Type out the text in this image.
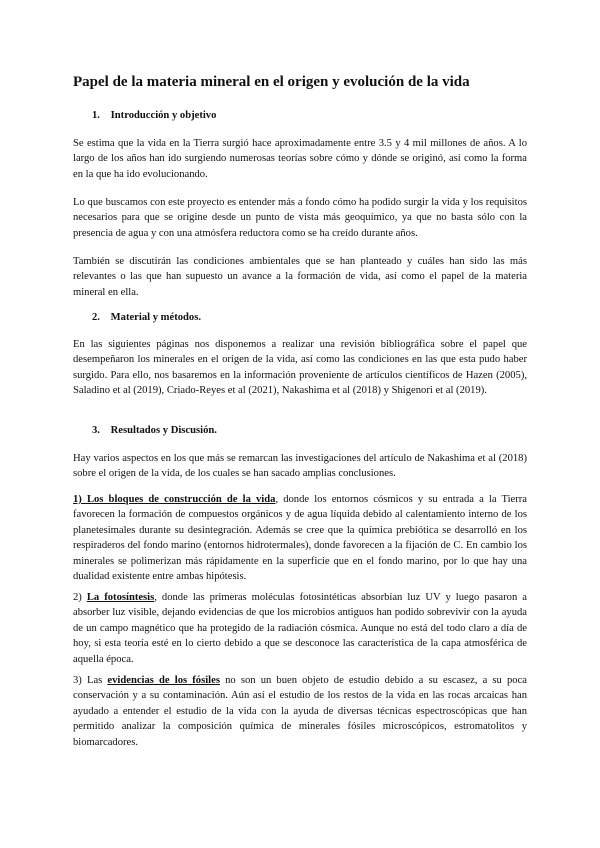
Papel de la materia mineral en el origen y evolución de la vida
1. Introducción y objetivo

Se estima que la vida en la Tierra surgió hace aproximadamente entre 3.5 y 4 mil millones de años. A lo largo de los años han ido surgiendo numerosas teorías sobre cómo y dónde se originó, así como la forma en la que ha ido evolucionando.

Lo que buscamos con este proyecto es entender más a fondo cómo ha podido surgir la vida y los requisitos necesarios para que se origine desde un punto de vista más geoquímico, ya que no basta sólo con la presencia de agua y con una atmósfera reductora como se ha creído durante años.

También se discutirán las condiciones ambientales que se han planteado y cuáles han sido las más relevantes o las que han supuesto un avance a la formación de vida, así como el papel de la materia mineral en ella.

2. Material y métodos.

En las siguientes páginas nos disponemos a realizar una revisión bibliográfica sobre el papel que desempeñaron los minerales en el origen de la vida, así como las condiciones en las que esta pudo haber surgido. Para ello, nos basaremos en la información proveniente de artículos científicos de Hazen (2005), Saladino et al (2019), Criado-Reyes et al (2021), Nakashima et al (2018) y Shigenori et al (2019).

3. Resultados y Discusión.

Hay varios aspectos en los que más se remarcan las investigaciones del artículo de Nakashima et al (2018) sobre el origen de la vida, de los cuales se han sacado amplias conclusiones.

1) Los bloques de construcción de la vida, donde los entornos cósmicos y su entrada a la Tierra favorecen la formación de compuestos orgánicos y de agua líquida debido al calentamiento interno de los planetesimales durante su desintegración. Además se cree que la química prebiótica se desarrolló en los respiraderos del fondo marino (entornos hidrotermales), donde favorecen a la fijación de C. En cambio los minerales se polimerizan más rápidamente en la superficie que en el fondo marino, por lo que hay una dualidad existente entre ambas hipótesis.

2) La fotosíntesis, donde las primeras moléculas fotosintéticas absorbían luz UV y luego pasaron a absorber luz visible, dejando evidencias de que los microbios antiguos han podido sobrevivir con la ayuda de un campo magnético que ha protegido de la radiación cósmica. Aunque no está del todo claro a día de hoy, si esta teoría esté en lo cierto debido a que se desconoce las característica de la capa atmosférica de aquella época.

3) Las evidencias de los fósiles no son un buen objeto de estudio debido a su escasez, a su poca conservación y a su contaminación. Aún así el estudio de los restos de la vida en las rocas arcaicas han ayudado a entender el estudio de la vida con la ayuda de diversas técnicas espectroscópicas que han permitido analizar la composición química de minerales fósiles microscópicos, estromatolitos y biomarcadores.
